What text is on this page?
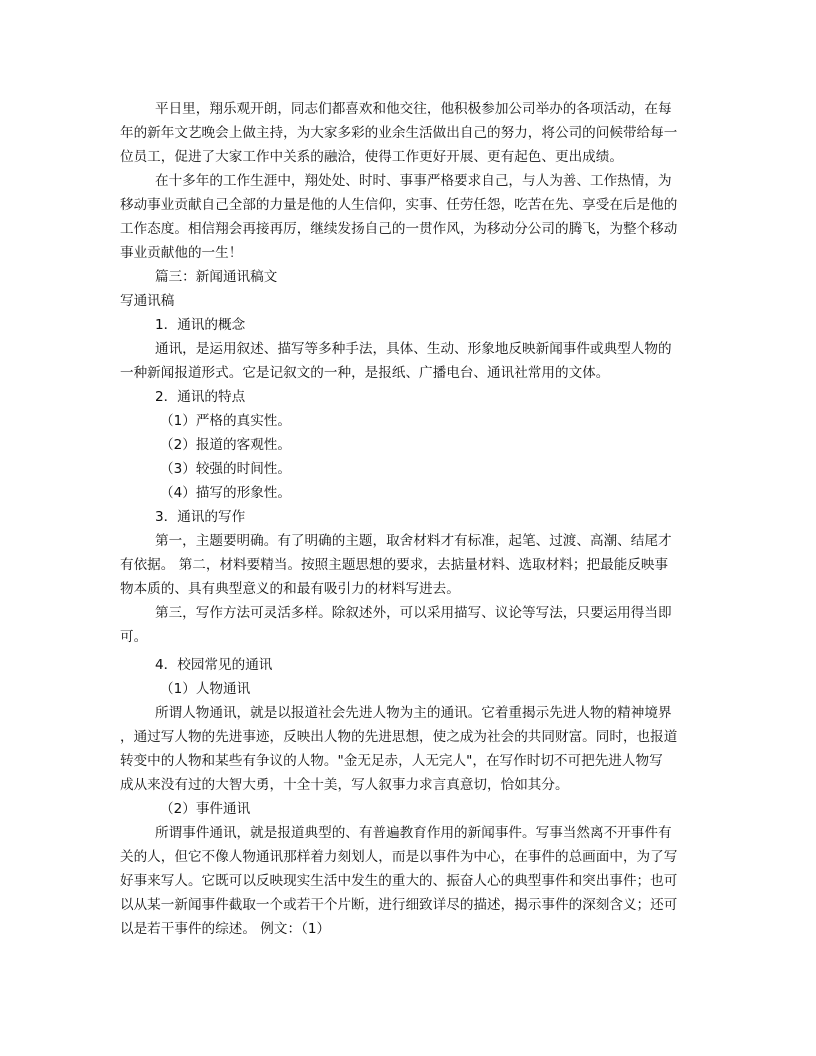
平日里，翔乐观开朗，同志们都喜欢和他交往，他积极参加公司举办的各项活动，在每

年的新年文艺晚会上做主持，为大家多彩的业余生活做出自己的努力，将公司的问候带给每一

位员工，促进了大家工作中关系的融洽，使得工作更好开展、更有起色、更出成绩。

在十多年的工作生涯中，翔处处、时时、事事严格要求自己，与人为善、工作热情，为

移动事业贡献自己全部的力量是他的人生信仰，实事、任劳任怨，吃苦在先、享受在后是他的

工作态度。相信翔会再接再厉，继续发扬自己的一贯作风，为移动分公司的腾飞，为整个移动

事业贡献他的一生！

篇三：新闻通讯稿文

写通讯稿

1．通讯的概念

通讯，是运用叙述、描写等多种手法，具体、生动、形象地反映新闻事件或典型人物的

一种新闻报道形式。它是记叙文的一种，是报纸、广播电台、通讯社常用的文体。

2．通讯的特点

（1）严格的真实性。

（2）报道的客观性。

（3）较强的时间性。

（4）描写的形象性。

3．通讯的写作

第一，主题要明确。有了明确的主题，取舍材料才有标准，起笔、过渡、高潮、结尾才

有依据。 第二，材料要精当。按照主题思想的要求，去掂量材料、选取材料；把最能反映事

物本质的、具有典型意义的和最有吸引力的材料写进去。

第三，写作方法可灵活多样。除叙述外，可以采用描写、议论等写法，只要运用得当即

可。

4．校园常见的通讯

（1）人物通讯

所谓人物通讯，就是以报道社会先进人物为主的通讯。它着重揭示先进人物的精神境界

，通过写人物的先进事迹，反映出人物的先进思想，使之成为社会的共同财富。同时，也报道

转变中的人物和某些有争议的人物。"金无足赤，人无完人"，在写作时切不可把先进人物写

成从来没有过的大智大勇，十全十美，写人叙事力求言真意切，恰如其分。

（2）事件通讯

所谓事件通讯，就是报道典型的、有普遍教育作用的新闻事件。写事当然离不开事件有

关的人，但它不像人物通讯那样着力刻划人，而是以事件为中心，在事件的总画面中，为了写

好事来写人。它既可以反映现实生活中发生的重大的、振奋人心的典型事件和突出事件；也可

以从某一新闻事件截取一个或若干个片断，进行细致详尽的描述，揭示事件的深刻含义；还可

以是若干事件的综述。 例文：（1）
